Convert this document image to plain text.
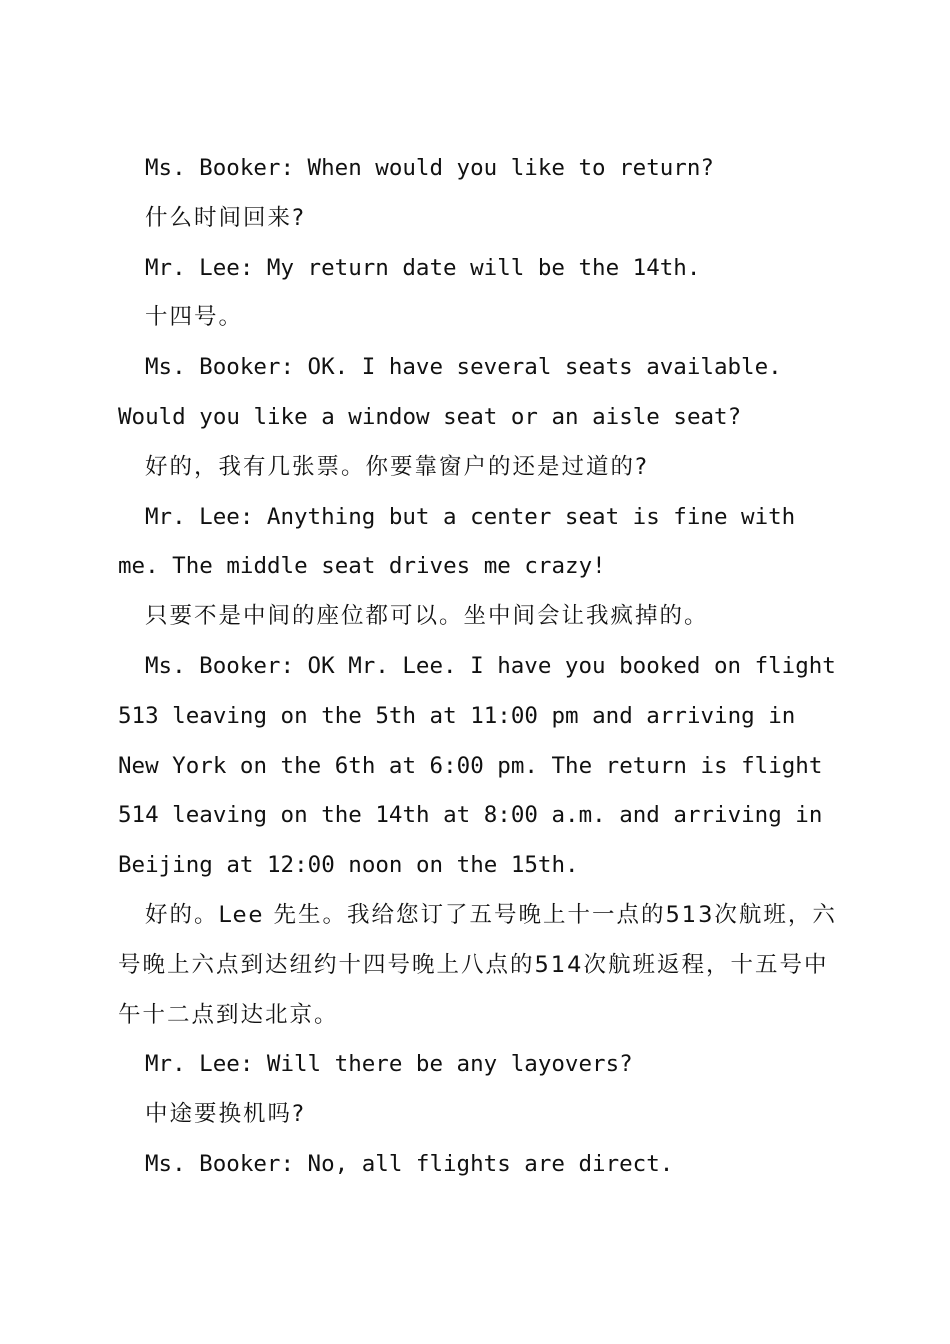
Ms. Booker: When would you like to return?

什么时间回来?

Mr. Lee: My return date will be the 14th.

十四号。

Ms. Booker: OK. I have several seats available. Would you like a window seat or an aisle seat?

好的，我有几张票。你要靠窗户的还是过道的?

Mr. Lee: Anything but a center seat is fine with me. The middle seat drives me crazy!

只要不是中间的座位都可以。坐中间会让我疯掉的。

Ms. Booker: OK Mr. Lee. I have you booked on flight 513 leaving on the 5th at 11:00 pm and arriving in New York on the 6th at 6:00 pm. The return is flight 514 leaving on the 14th at 8:00 a.m. and arriving in Beijing at 12:00 noon on the 15th.

好的。Lee 先生。我给您订了五号晚上十一点的513次航班，六号晚上六点到达纽约十四号晚上八点的514次航班返程，十五号中午十二点到达北京。

Mr. Lee: Will there be any layovers?

中途要换机吗?

Ms. Booker: No, all flights are direct.
